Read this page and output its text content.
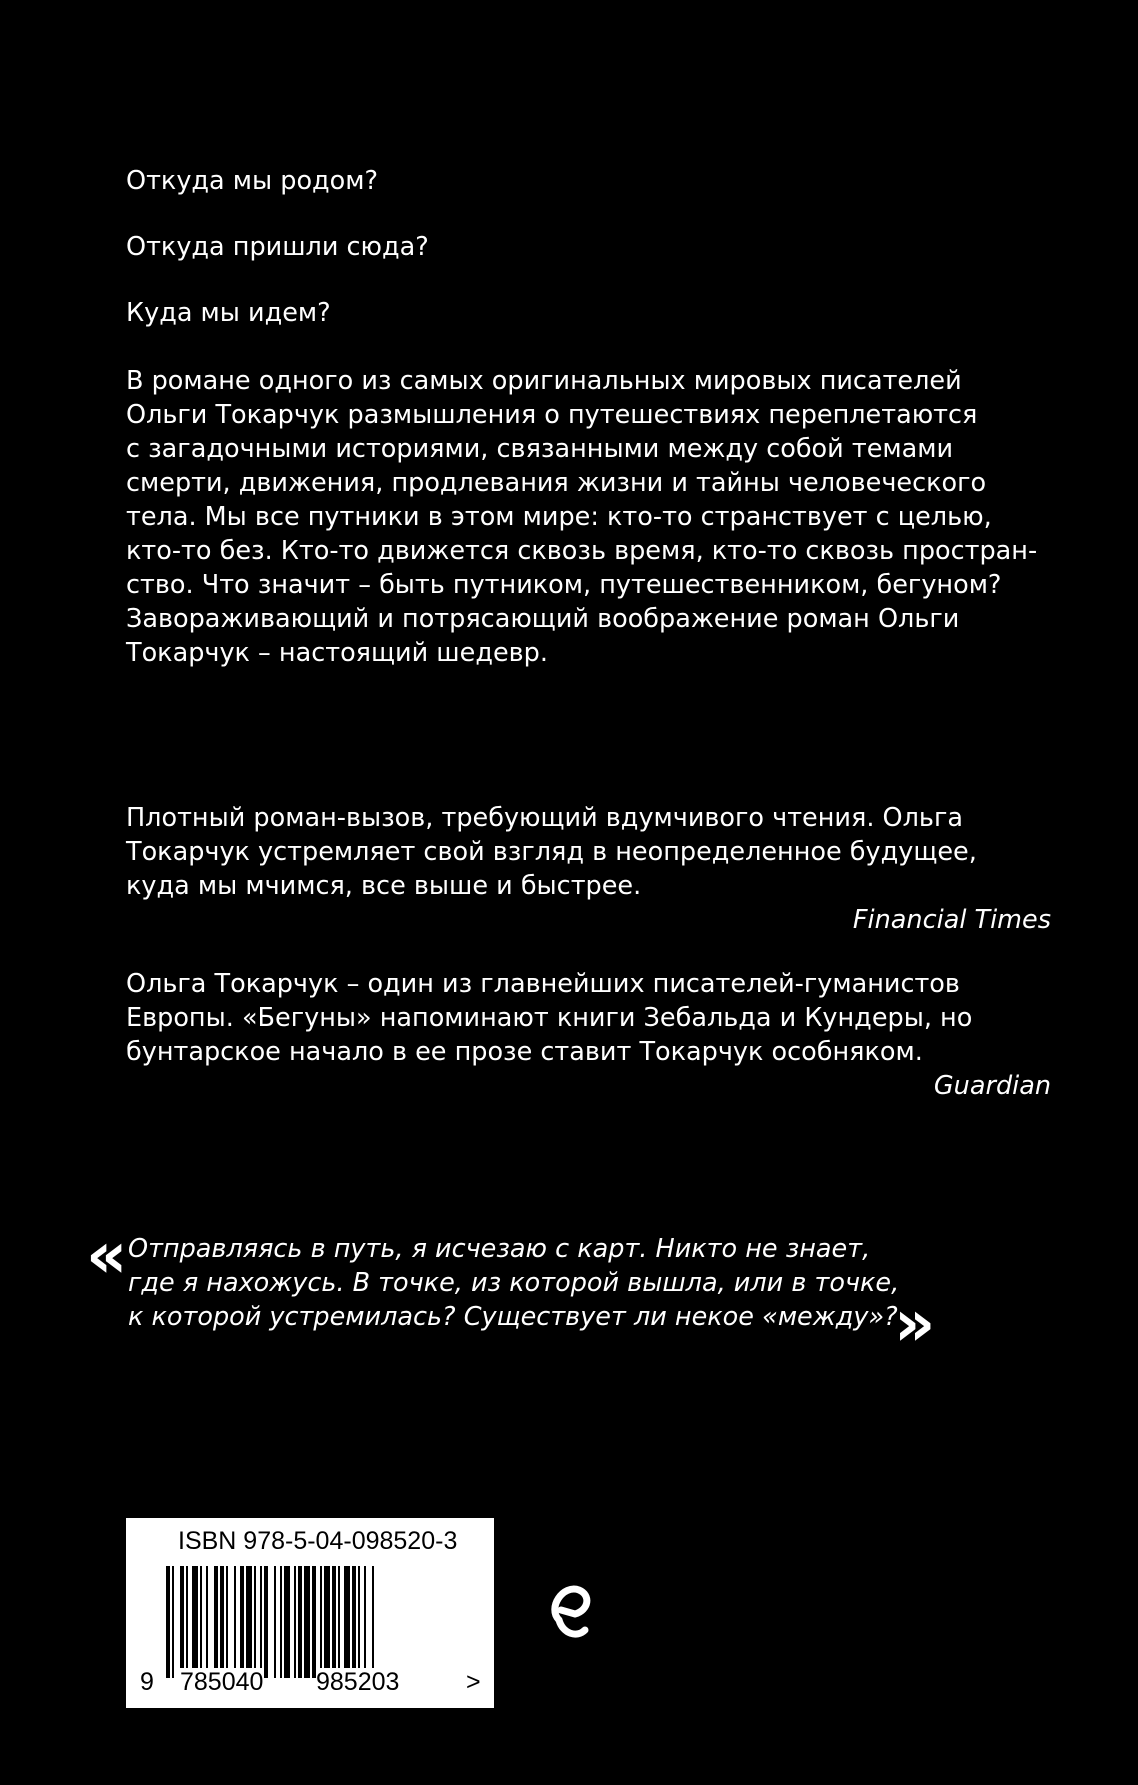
Откуда мы родом?

Откуда пришли сюда?

Куда мы идем?

В романе одного из самых оригинальных мировых писателей
Ольги Токарчук размышления о путешествиях переплетаются
с загадочными историями, связанными между собой темами
смерти, движения, продлевания жизни и тайны человеческого
тела. Мы все путники в этом мире: кто-то странствует с целью,
кто-то без. Кто-то движется сквозь время, кто-то сквозь простран-
ство. Что значит – быть путником, путешественником, бегуном?
Завораживающий и потрясающий воображение роман Ольги
Токарчук – настоящий шедевр.
Плотный роман-вызов, требующий вдумчивого чтения. Ольга
Токарчук устремляет свой взгляд в неопределенное будущее,
куда мы мчимся, все выше и быстрее.
Financial Times
Ольга Токарчук – один из главнейших писателей-гуманистов
Европы. «Бегуны» напоминают книги Зебальда и Кундеры, но
бунтарское начало в ее прозе ставит Токарчук особняком.
Guardian
« Отправляясь в путь, я исчезаю с карт. Никто не знает,
где я нахожусь. В точке, из которой вышла, или в точке,
к которой устремилась? Существует ли некое «между»?

»

ISBN 978-5-04-098520-3

9 785040 985203	>
